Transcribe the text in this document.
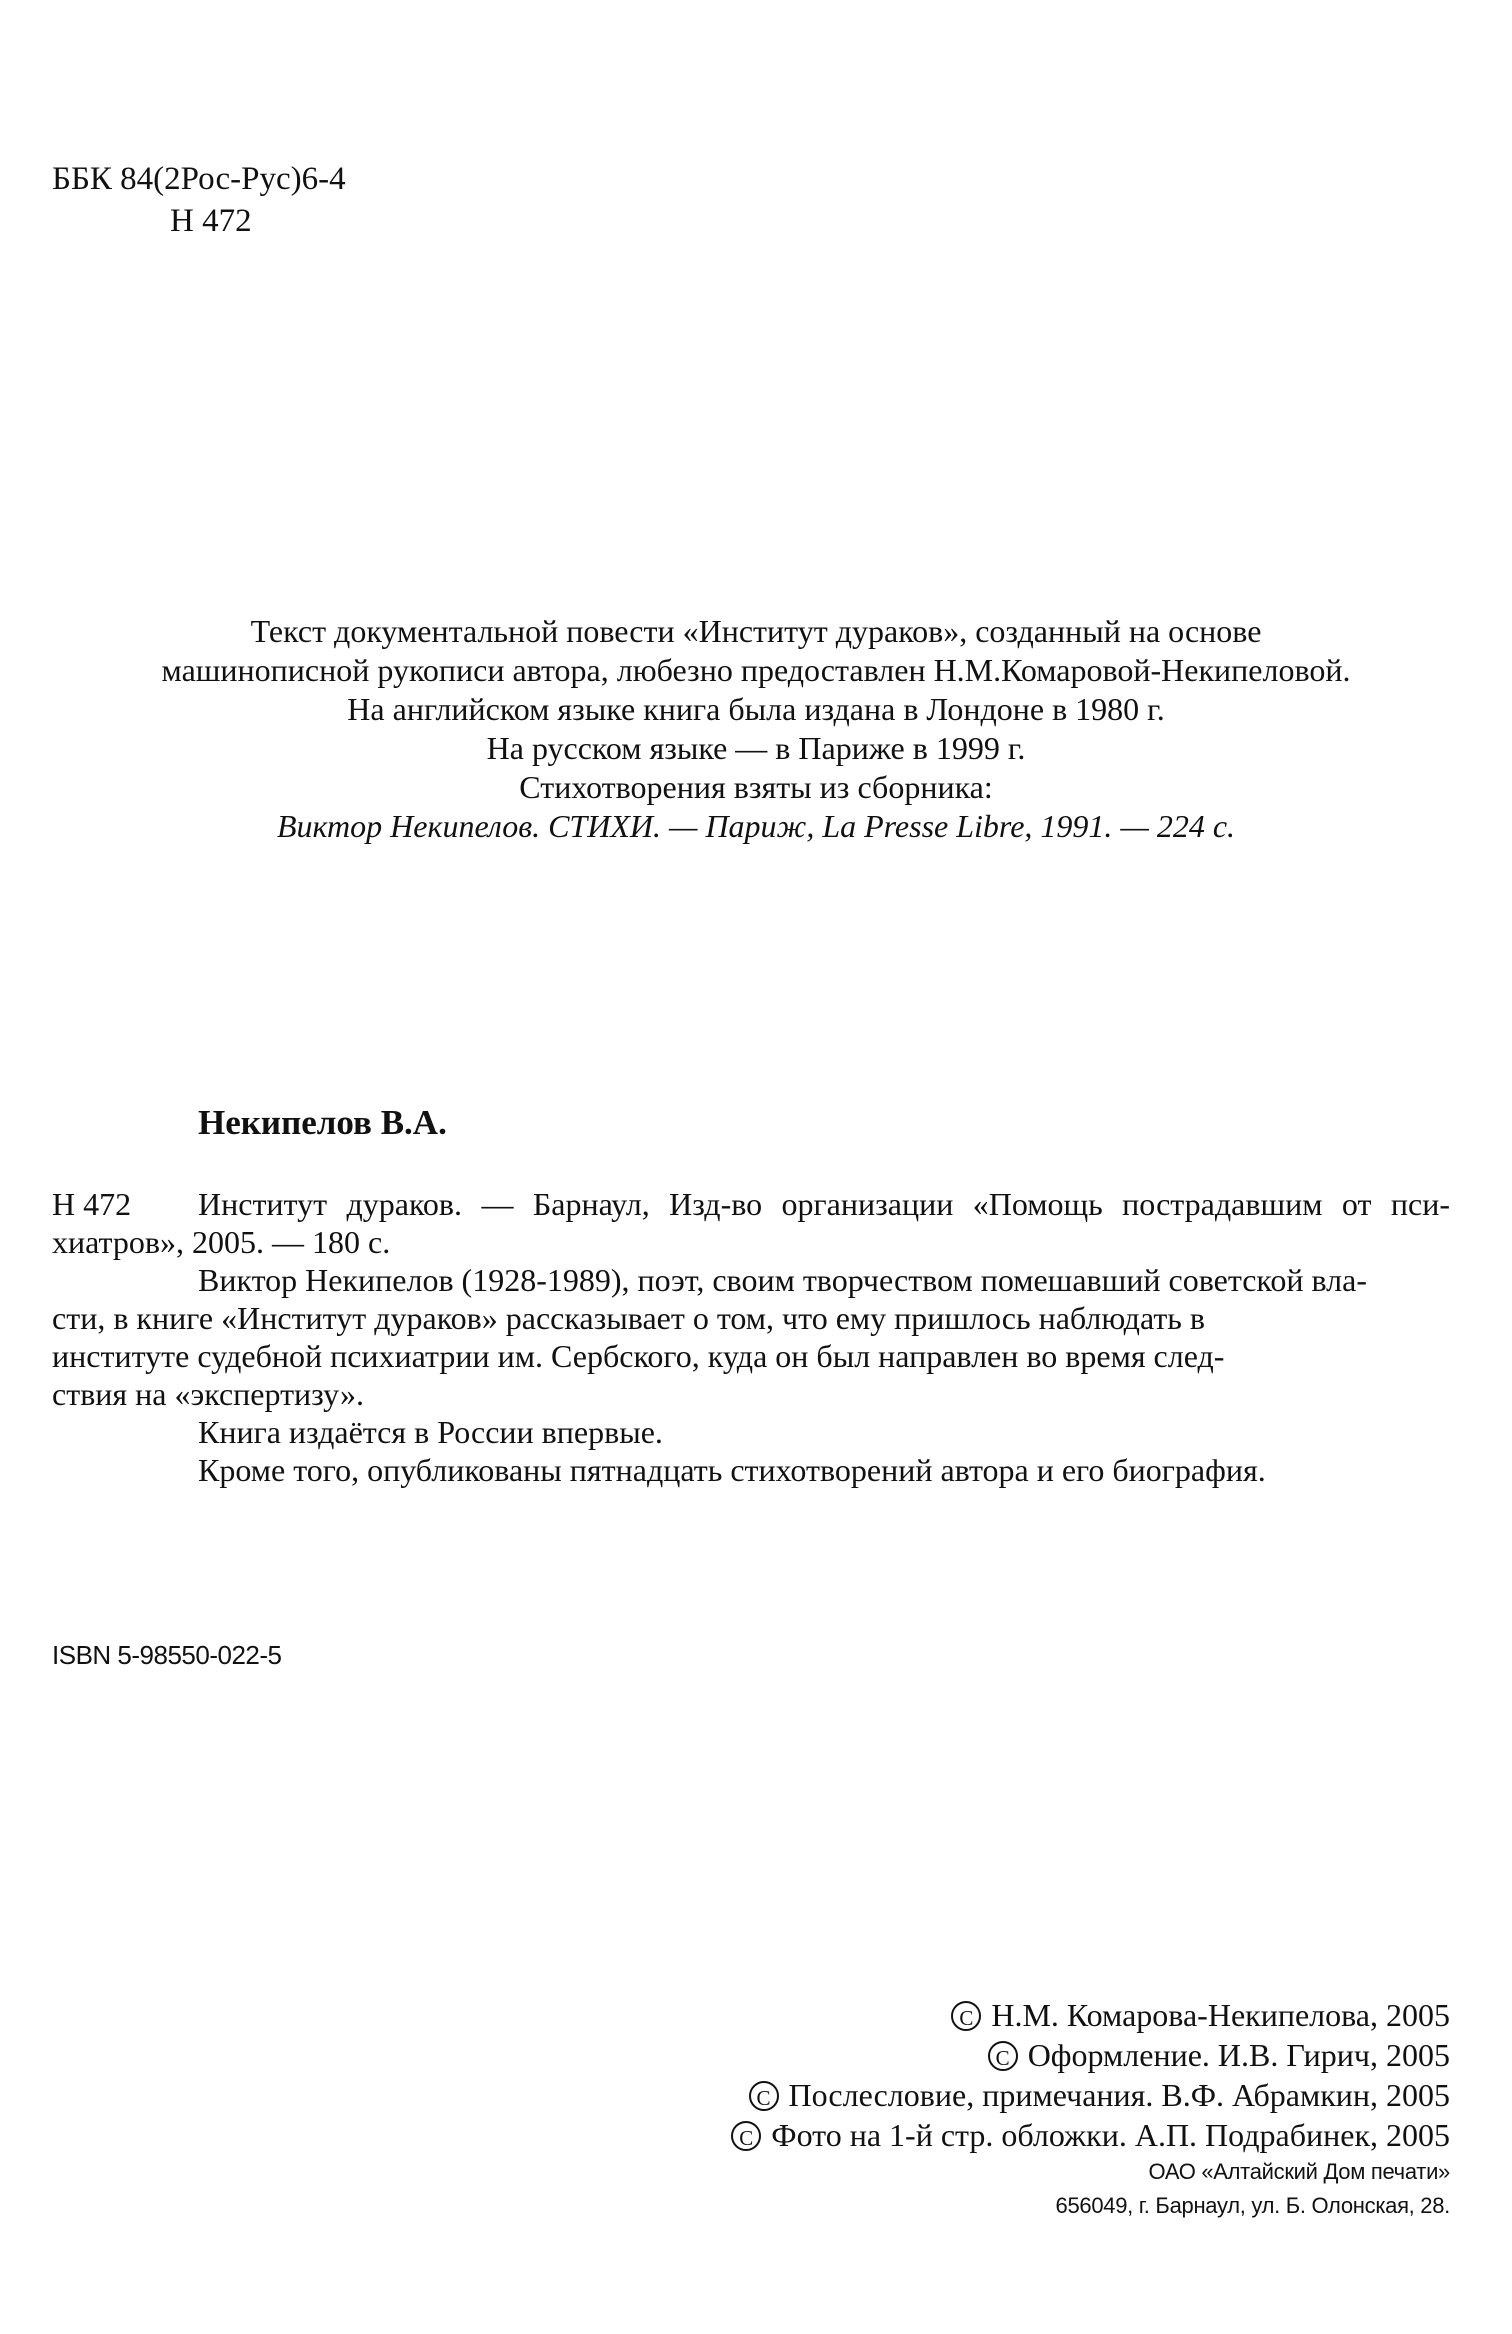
ББК 84(2Рос-Рус)6-4
Н 472
Текст документальной повести «Институт дураков», созданный на основе
машинописной рукописи автора, любезно предоставлен Н.М.Комаровой-Некипеловой.
На английском языке книга была издана в Лондоне в 1980 г.
На русском языке — в Париже в 1999 г.
Стихотворения взяты из сборника:
Виктор Некипелов. СТИХИ. — Париж, La Presse Libre, 1991. — 224 с.
Некипелов В.А.
Н 472	Институт дураков. — Барнаул, Изд-во организации «Помощь пострадавшим от пси-
хиатров», 2005. — 180 с.
Виктор Некипелов (1928-1989), поэт, своим творчеством помешавший советской вла-
сти, в книге «Институт дураков» рассказывает о том, что ему пришлось наблюдать в
институте судебной психиатрии им. Сербского, куда он был направлен во время след-
ствия на «экспертизу».
Книга издаётся в России впервые.
Кроме того, опубликованы пятнадцать стихотворений автора и его биография.
ISBN 5-98550-022-5
C Н.М. Комарова-Некипелова, 2005
C Оформление. И.В. Гирич, 2005
C Послесловие, примечания. В.Ф. Абрамкин, 2005
C Фото на 1-й стр. обложки. А.П. Подрабинек, 2005
ОАО «Алтайский Дом печати»
656049, г. Барнаул, ул. Б. Олонская, 28.
